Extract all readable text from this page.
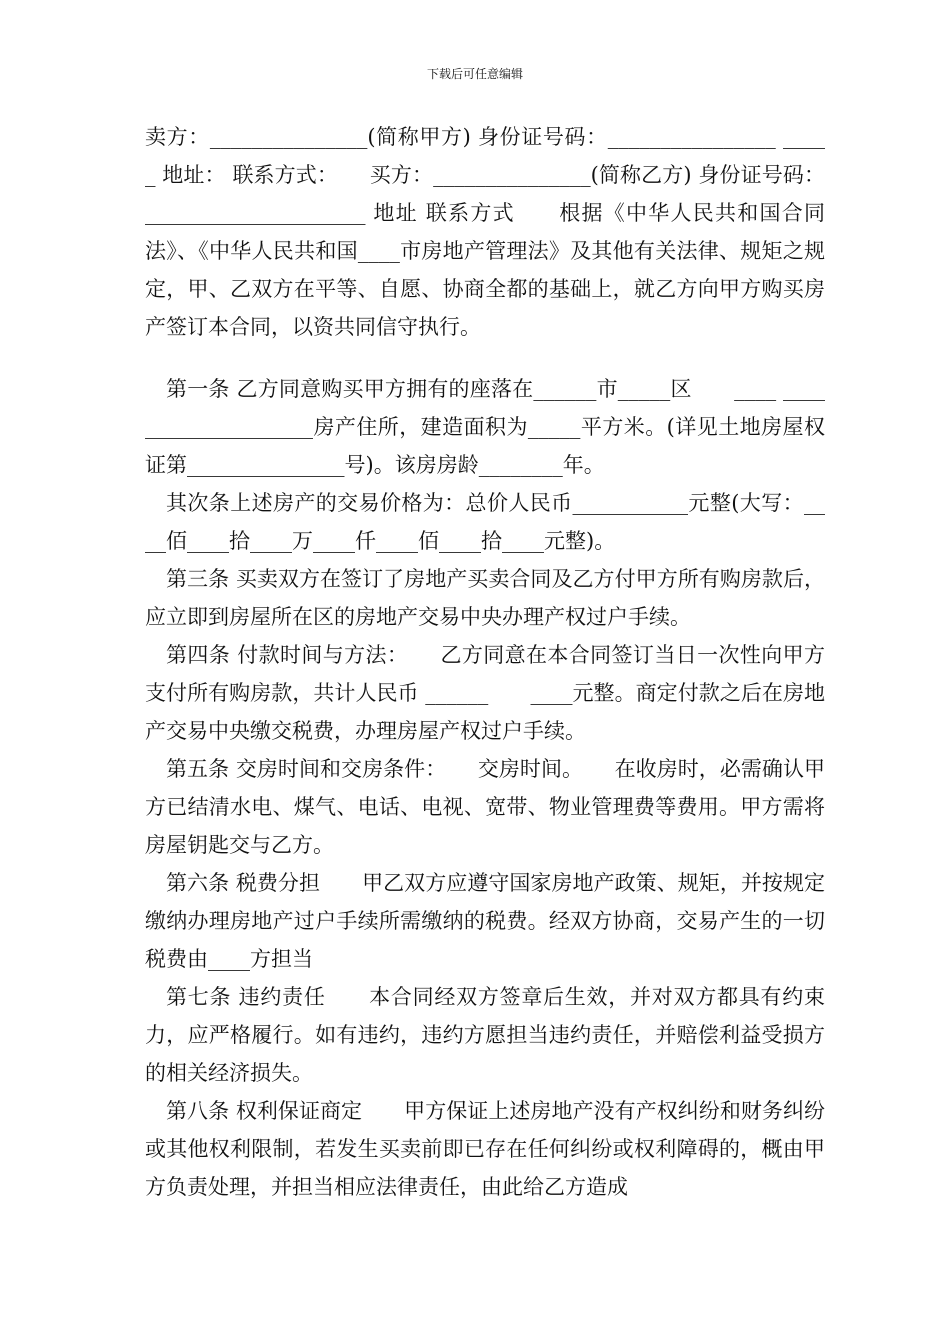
下载后可任意编辑

卖方：_______________(简称甲方) 身份证号码：________________ _____ 地址： 联系方式：　　买方：_______________(简称乙方) 身份证号码：_____________________ 地址 联系方式　　根据《中华人民共和国合同法》、《中华人民共和国____市房地产管理法》及其他有关法律、规矩之规定，甲、乙双方在平等、自愿、协商全都的基础上，就乙方向甲方购买房产签订本合同，以资共同信守执行。

第一条 乙方同意购买甲方拥有的座落在______市_____区　　____ ____________________房产住所，建造面积为_____平方米。(详见土地房屋权证第_______________号)。该房房龄________年。

其次条上述房产的交易价格为：总价人民币___________元整(大写：____佰____拾____万____仟____佰____拾____元整)。

第三条 买卖双方在签订了房地产买卖合同及乙方付甲方所有购房款后，应立即到房屋所在区的房地产交易中央办理产权过户手续。

第四条 付款时间与方法：　　乙方同意在本合同签订当日一次性向甲方支付所有购房款，共计人民币 ______　　____元整。商定付款之后在房地产交易中央缴交税费，办理房屋产权过户手续。

第五条 交房时间和交房条件：　　交房时间。　　在收房时，必需确认甲方已结清水电、煤气、电话、电视、宽带、物业管理费等费用。甲方需将房屋钥匙交与乙方。

第六条 税费分担　　甲乙双方应遵守国家房地产政策、规矩，并按规定缴纳办理房地产过户手续所需缴纳的税费。经双方协商，交易产生的一切税费由____方担当

第七条 违约责任　　本合同经双方签章后生效，并对双方都具有约束力，应严格履行。如有违约，违约方愿担当违约责任，并赔偿利益受损方的相关经济损失。

第八条 权利保证商定　　甲方保证上述房地产没有产权纠纷和财务纠纷或其他权利限制，若发生买卖前即已存在任何纠纷或权利障碍的，概由甲方负责处理，并担当相应法律责任，由此给乙方造成
